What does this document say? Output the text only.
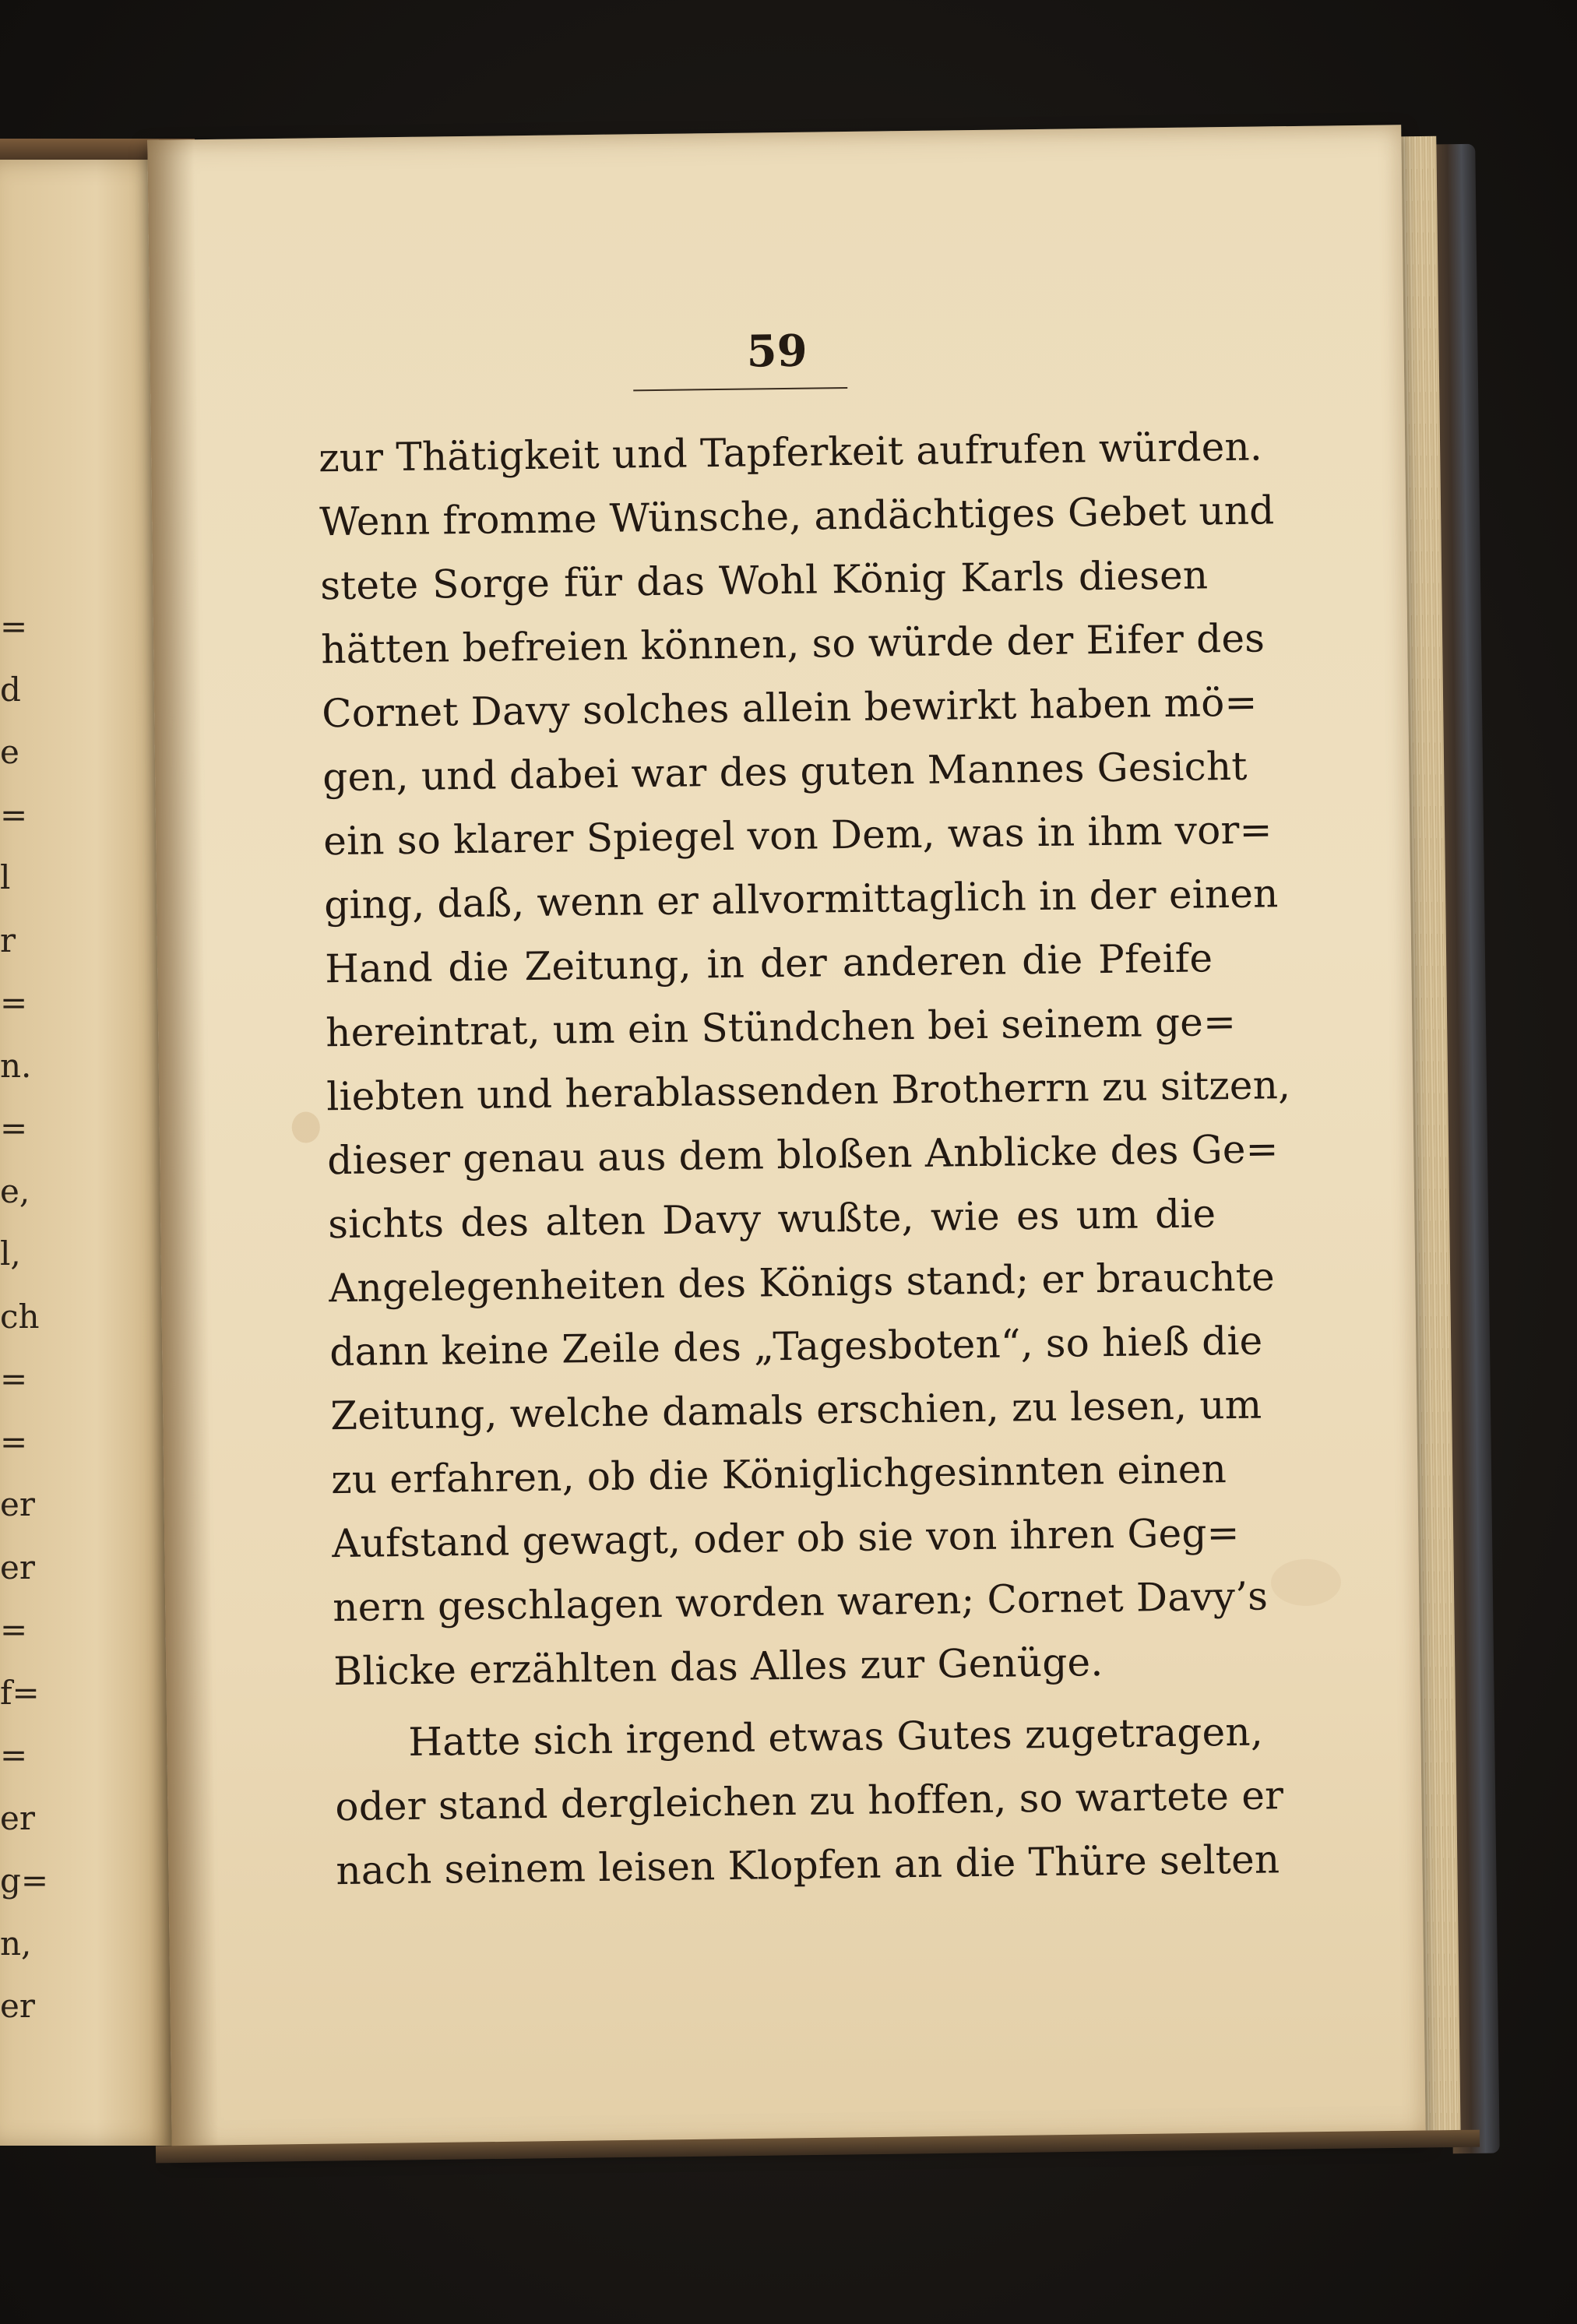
=
d
e
=
l
r
=
n.
=
e,
l,
ch
=
=
er
er
=
f=
=
er
g=
n,
er
59
zur Thätigkeit und Tapferkeit aufrufen würden.
Wenn fromme Wünsche, andächtiges Gebet und
stete Sorge für das Wohl König Karls diesen
hätten befreien können, so würde der Eifer des
Cornet Davy solches allein bewirkt haben mö=
gen, und dabei war des guten Mannes Gesicht
ein so klarer Spiegel von Dem, was in ihm vor=
ging, daß, wenn er allvormittaglich in der einen
Hand die Zeitung, in der anderen die Pfeife
hereintrat, um ein Stündchen bei seinem ge=
liebten und herablassenden Brotherrn zu sitzen,
dieser genau aus dem bloßen Anblicke des Ge=
sichts des alten Davy wußte, wie es um die
Angelegenheiten des Königs stand; er brauchte
dann keine Zeile des „Tagesboten“, so hieß die
Zeitung, welche damals erschien, zu lesen, um
zu erfahren, ob die Königlichgesinnten einen
Aufstand gewagt, oder ob sie von ihren Geg=
nern geschlagen worden waren; Cornet Davy’s
Blicke erzählten das Alles zur Genüge.
Hatte sich irgend etwas Gutes zugetragen,
oder stand dergleichen zu hoffen, so wartete er
nach seinem leisen Klopfen an die Thüre selten
